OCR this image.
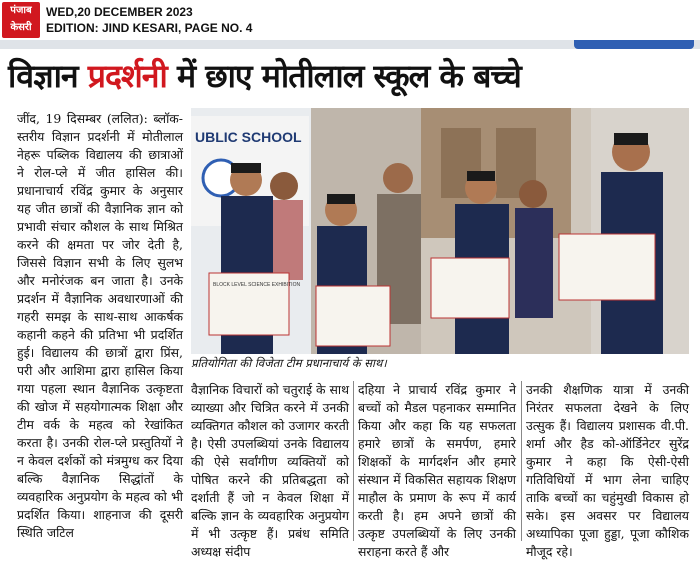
पंजाब
केसरी
WED,20 DECEMBER 2023
EDITION: JIND KESARI, PAGE NO. 4
विज्ञान प्रदर्शनी में छाए मोतीलाल स्कूल के बच्चे
जींद, 19 दिसम्बर (ललित): ब्लॉक-स्तरीय विज्ञान प्रदर्शनी में मोतीलाल नेहरू पब्लिक विद्यालय की छात्राओं ने रोल-प्ले में जीत हासिल की। प्रधानाचार्य रविंद्र कुमार के अनुसार यह जीत छात्रों की वैज्ञानिक ज्ञान को प्रभावी संचार कौशल के साथ मिश्रित करने की क्षमता पर जोर देती है, जिससे विज्ञान सभी के लिए सुलभ और मनोरंजक बन जाता है। उनके प्रदर्शन में वैज्ञानिक अवधारणाओं की गहरी समझ के साथ-साथ आकर्षक कहानी कहने की प्रतिभा भी प्रदर्शित हुई। विद्यालय की छात्रों द्वारा प्रिंस, परी और आशिमा द्वारा हासिल किया गया पहला स्थान वैज्ञानिक उत्कृष्टता की खोज में सहयोगात्मक शिक्षा और टीम वर्क के महत्व को रेखांकित करता है। उनकी रोल-प्ले प्रस्तुतियों ने न केवल दर्शकों को मंत्रमुग्ध कर दिया बल्कि वैज्ञानिक सिद्धांतों के व्यवहारिक अनुप्रयोग के महत्व को भी प्रदर्शित किया। शाहनाज की दूसरी स्थिति जटिल
UBLIC SCHOOL
BLOCK LEVEL SCIENCE EXHIBITION
प्रतियोगिता की विजेता टीम प्रधानाचार्य के साथ।
वैज्ञानिक विचारों को चतुराई के साथ व्याख्या और चित्रित करने में उनकी व्यक्तिगत कौशल को उजागर करती है। ऐसी उपलब्धियां उनके विद्यालय की ऐसे सर्वांगीण व्यक्तियों को पोषित करने की प्रतिबद्धता को दर्शाती हैं जो न केवल शिक्षा में बल्कि ज्ञान के व्यवहारिक अनुप्रयोग में भी उत्कृष्ट हैं। प्रबंध समिति अध्यक्ष संदीप
दहिया ने प्राचार्य रविंद्र कुमार ने बच्चों को मैडल पहनाकर सम्मानित किया और कहा कि यह सफलता हमारे छात्रों के समर्पण, हमारे शिक्षकों के मार्गदर्शन और हमारे संस्थान में विकसित सहायक शिक्षण माहौल के प्रमाण के रूप में कार्य करती है। हम अपने छात्रों की उत्कृष्ट उपलब्धियों के लिए उनकी सराहना करते हैं और
उनकी शैक्षणिक यात्रा में उनकी निरंतर सफलता देखने के लिए उत्सुक हैं। विद्यालय प्रशासक वी.पी. शर्मा और हैड को-ऑर्डिनेटर सुरेंद्र कुमार ने कहा कि ऐसी-ऐसी गतिविधियों में भाग लेना चाहिए ताकि बच्चों का चहुंमुखी विकास हो सके। इस अवसर पर विद्यालय अध्यापिका पूजा हुड्डा, पूजा कौशिक मौजूद रहे।
